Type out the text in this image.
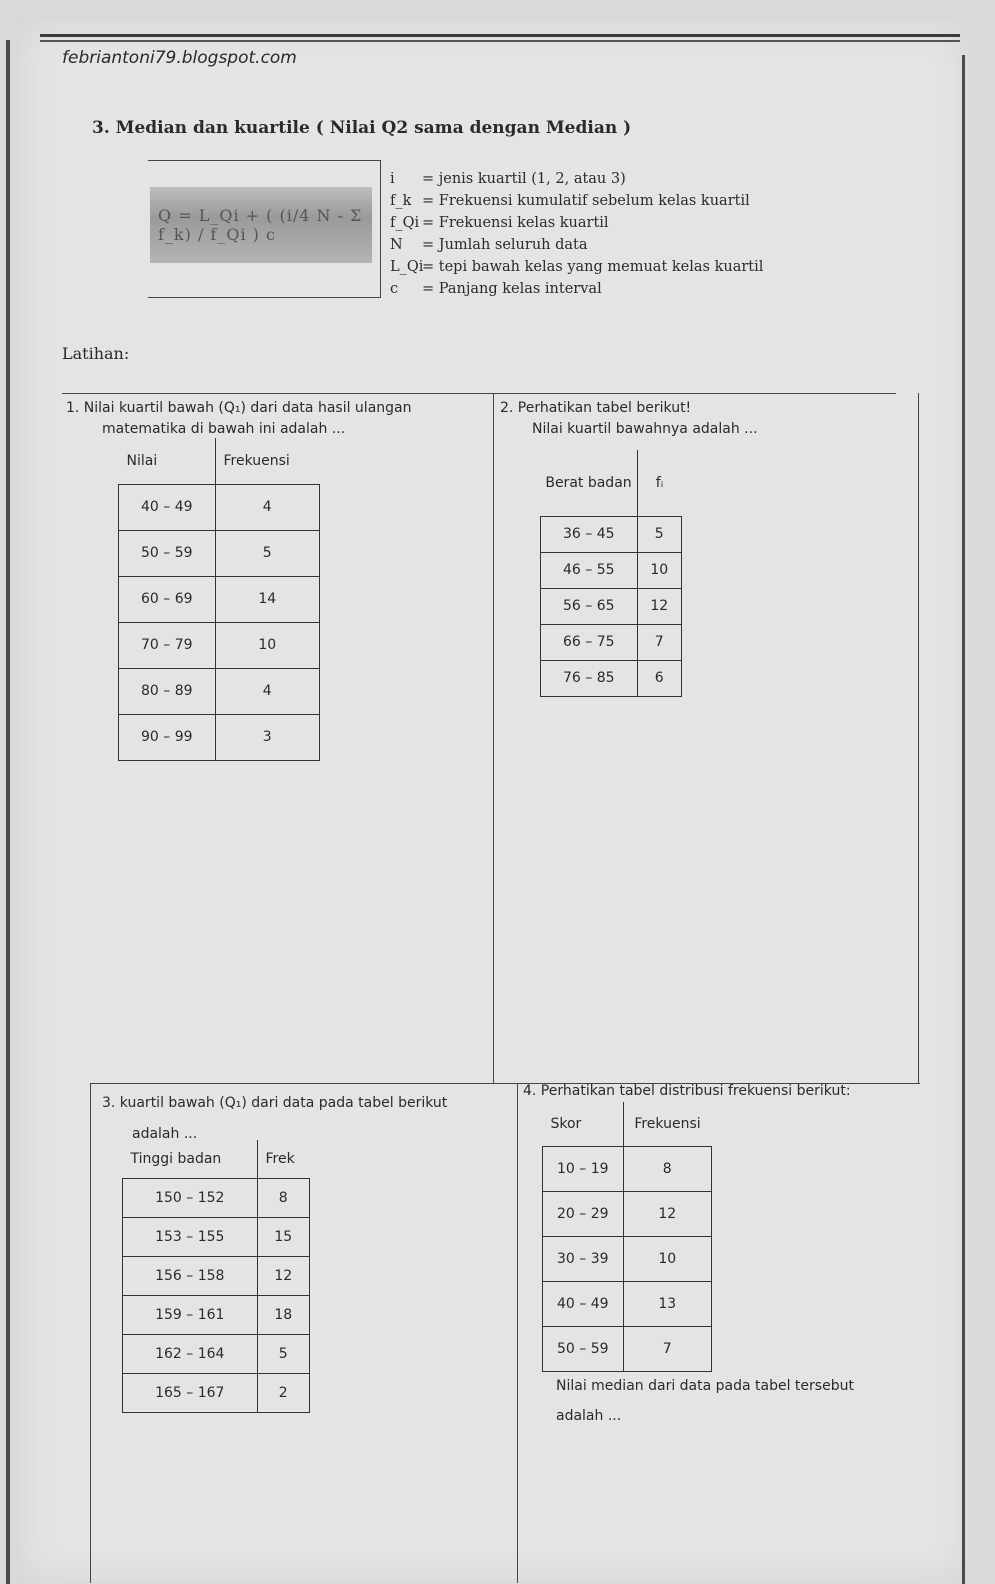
febriantoni79.blogspot.com
3. Median dan kuartile ( Nilai Q2 sama dengan Median )
Q = L_Qi + ( (i/4 N - Σ f_k) / f_Qi ) c
i	= jenis kuartil (1, 2, atau 3)
f_k = Frekuensi kumulatif sebelum kelas kuartil
f_Qi = Frekuensi kelas kuartil
N	= Jumlah seluruh data
L_Qi
= tepi bawah kelas yang memuat kelas kuartil
c	= Panjang kelas interval
Latihan:
1. Nilai kuartil bawah (Q₁) dari data hasil ulangan
matematika di bawah ini adalah ...
Nilai	Frekuensi
40 – 49	4
50 – 59	5
60 – 69	14
70 – 79	10
80 – 89	4
90 – 99	3
2. Perhatikan tabel berikut!
Nilai kuartil bawahnya adalah ...
Berat badan	fᵢ
36 – 45	5
46 – 55	10
56 – 65	12
66 – 75	7
76 – 85	6
3. kuartil bawah (Q₁) dari data pada tabel berikut
adalah ...
Tinggi badan	Frek
150 – 152	8
153 – 155	15
156 – 158	12
159 – 161	18
162 – 164	5
165 – 167	2
4. Perhatikan tabel distribusi frekuensi berikut:
Skor	Frekuensi
10 – 19	8
20 – 29	12
30 – 39	10
40 – 49	13
50 – 59	7
Nilai median dari data pada tabel tersebut
adalah ...
